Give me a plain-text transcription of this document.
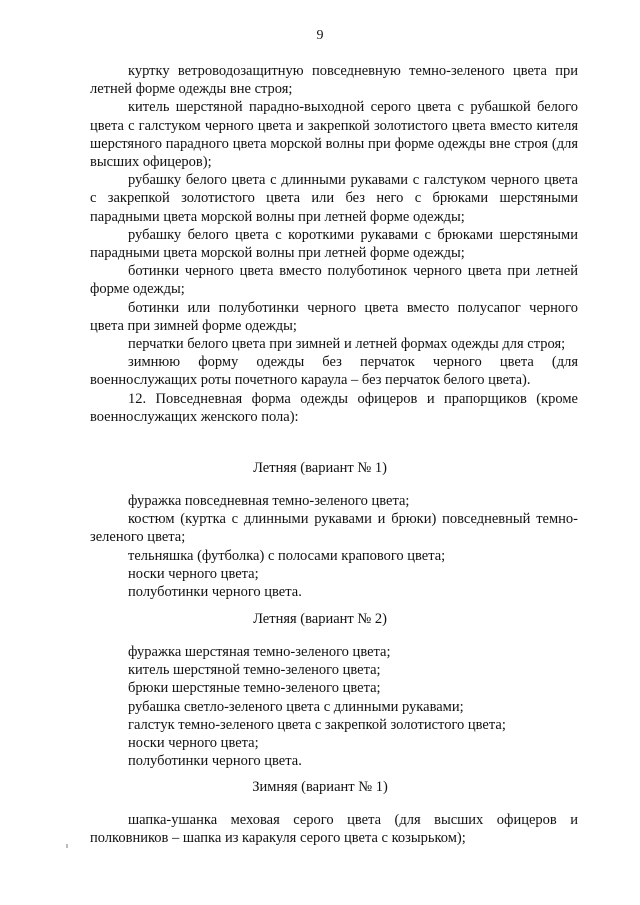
9

куртку ветроводозащитную повседневную темно-зеленого цвета при летней форме одежды вне строя;

китель шерстяной парадно-выходной серого цвета с рубашкой белого цвета с галстуком черного цвета и закрепкой золотистого цвета вместо кителя шерстяного парадного цвета морской волны при форме одежды вне строя (для высших офицеров);

рубашку белого цвета с длинными рукавами с галстуком черного цвета с закрепкой золотистого цвета или без него с брюками шерстяными парадными цвета морской волны при летней форме одежды;

рубашку белого цвета с короткими рукавами с брюками шерстяными парадными цвета морской волны при летней форме одежды;

ботинки черного цвета вместо полуботинок черного цвета при летней форме одежды;

ботинки или полуботинки черного цвета вместо полусапог черного цвета при зимней форме одежды;

перчатки белого цвета при зимней и летней формах одежды для строя;

зимнюю форму одежды без перчаток черного цвета (для военнослужащих роты почетного караула – без перчаток белого цвета).

12. Повседневная форма одежды офицеров и прапорщиков (кроме военнослужащих женского пола):

Летняя (вариант № 1)

фуражка повседневная темно-зеленого цвета;

костюм (куртка с длинными рукавами и брюки) повседневный темно-зеленого цвета;

тельняшка (футболка) с полосами крапового цвета;

носки черного цвета;

полуботинки черного цвета.

Летняя (вариант № 2)

фуражка шерстяная темно-зеленого цвета;

китель шерстяной темно-зеленого цвета;

брюки шерстяные темно-зеленого цвета;

рубашка светло-зеленого цвета с длинными рукавами;

галстук темно-зеленого цвета с закрепкой золотистого цвета;

носки черного цвета;

полуботинки черного цвета.

Зимняя (вариант № 1)

шапка-ушанка меховая серого цвета (для высших офицеров и полковников – шапка из каракуля серого цвета с козырьком);
